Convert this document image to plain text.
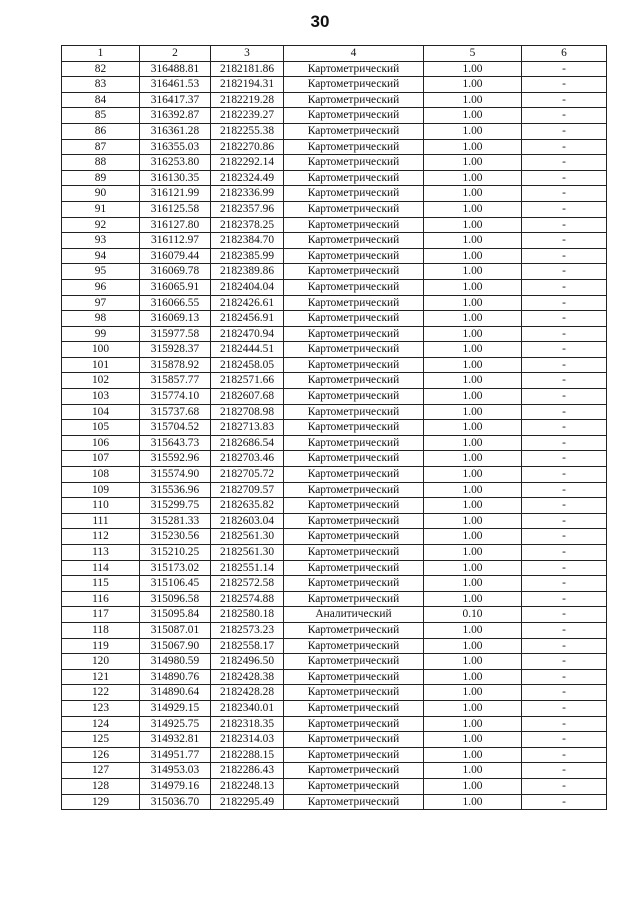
30
1	2	3	4	5	6
82	316488.81	2182181.86	Картометрический	1.00	-
83	316461.53	2182194.31	Картометрический	1.00	-
84	316417.37	2182219.28	Картометрический	1.00	-
85	316392.87	2182239.27	Картометрический	1.00	-
86	316361.28	2182255.38	Картометрический	1.00	-
87	316355.03	2182270.86	Картометрический	1.00	-
88	316253.80	2182292.14	Картометрический	1.00	-
89	316130.35	2182324.49	Картометрический	1.00	-
90	316121.99	2182336.99	Картометрический	1.00	-
91	316125.58	2182357.96	Картометрический	1.00	-
92	316127.80	2182378.25	Картометрический	1.00	-
93	316112.97	2182384.70	Картометрический	1.00	-
94	316079.44	2182385.99	Картометрический	1.00	-
95	316069.78	2182389.86	Картометрический	1.00	-
96	316065.91	2182404.04	Картометрический	1.00	-
97	316066.55	2182426.61	Картометрический	1.00	-
98	316069.13	2182456.91	Картометрический	1.00	-
99	315977.58	2182470.94	Картометрический	1.00	-
100	315928.37	2182444.51	Картометрический	1.00	-
101	315878.92	2182458.05	Картометрический	1.00	-
102	315857.77	2182571.66	Картометрический	1.00	-
103	315774.10	2182607.68	Картометрический	1.00	-
104	315737.68	2182708.98	Картометрический	1.00	-
105	315704.52	2182713.83	Картометрический	1.00	-
106	315643.73	2182686.54	Картометрический	1.00	-
107	315592.96	2182703.46	Картометрический	1.00	-
108	315574.90	2182705.72	Картометрический	1.00	-
109	315536.96	2182709.57	Картометрический	1.00	-
110	315299.75	2182635.82	Картометрический	1.00	-
111	315281.33	2182603.04	Картометрический	1.00	-
112	315230.56	2182561.30	Картометрический	1.00	-
113	315210.25	2182561.30	Картометрический	1.00	-
114	315173.02	2182551.14	Картометрический	1.00	-
115	315106.45	2182572.58	Картометрический	1.00	-
116	315096.58	2182574.88	Картометрический	1.00	-
117	315095.84	2182580.18	Аналитический	0.10	-
118	315087.01	2182573.23	Картометрический	1.00	-
119	315067.90	2182558.17	Картометрический	1.00	-
120	314980.59	2182496.50	Картометрический	1.00	-
121	314890.76	2182428.38	Картометрический	1.00	-
122	314890.64	2182428.28	Картометрический	1.00	-
123	314929.15	2182340.01	Картометрический	1.00	-
124	314925.75	2182318.35	Картометрический	1.00	-
125	314932.81	2182314.03	Картометрический	1.00	-
126	314951.77	2182288.15	Картометрический	1.00	-
127	314953.03	2182286.43	Картометрический	1.00	-
128	314979.16	2182248.13	Картометрический	1.00	-
129	315036.70	2182295.49	Картометрический	1.00	-
